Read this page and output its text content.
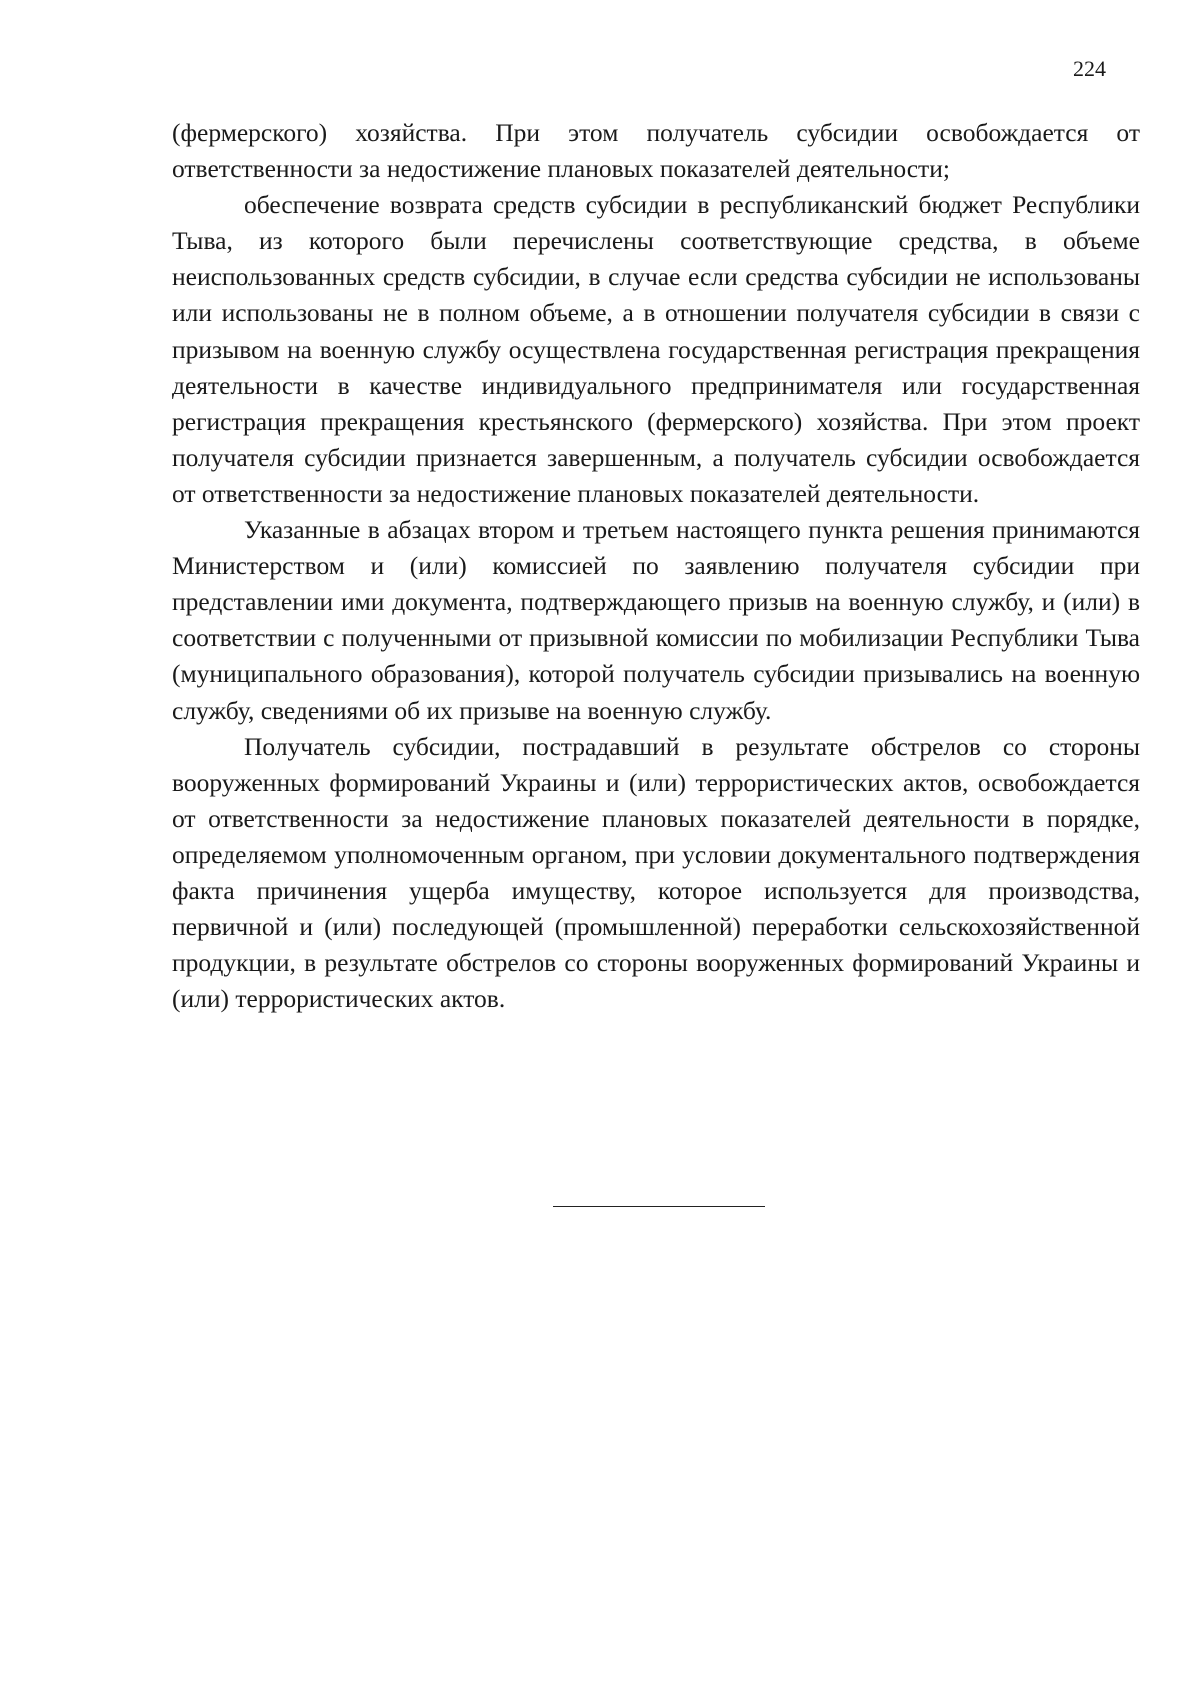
224

(фермерского) хозяйства. При этом получатель субсидии освобождается от ответственности за недостижение плановых показателей деятельности;

обеспечение возврата средств субсидии в республиканский бюджет Республики Тыва, из которого были перечислены соответствующие средства, в объеме неиспользованных средств субсидии, в случае если средства субсидии не использованы или использованы не в полном объеме, а в отношении получателя субсидии в связи с призывом на военную службу осуществлена государственная регистрация прекращения деятельности в качестве индивидуального предпринимателя или государственная регистрация прекращения крестьянского (фермерского) хозяйства. При этом проект получателя субсидии признается завершенным, а получатель субсидии освобождается от ответственности за недостижение плановых показателей деятельности.

Указанные в абзацах втором и третьем настоящего пункта решения принимаются Министерством и (или) комиссией по заявлению получателя субсидии при представлении ими документа, подтверждающего призыв на военную службу, и (или) в соответствии с полученными от призывной комиссии по мобилизации Республики Тыва (муниципального образования), которой получатель субсидии призывались на военную службу, сведениями об их призыве на военную службу.

Получатель субсидии, пострадавший в результате обстрелов со стороны вооруженных формирований Украины и (или) террористических актов, освобождается от ответственности за недостижение плановых показателей деятельности в порядке, определяемом уполномоченным органом, при условии документального подтверждения факта причинения ущерба имуществу, которое используется для производства, первичной и (или) последующей (промышленной) переработки сельскохозяйственной продукции, в результате обстрелов со стороны вооруженных формирований Украины и (или) террористических актов.
